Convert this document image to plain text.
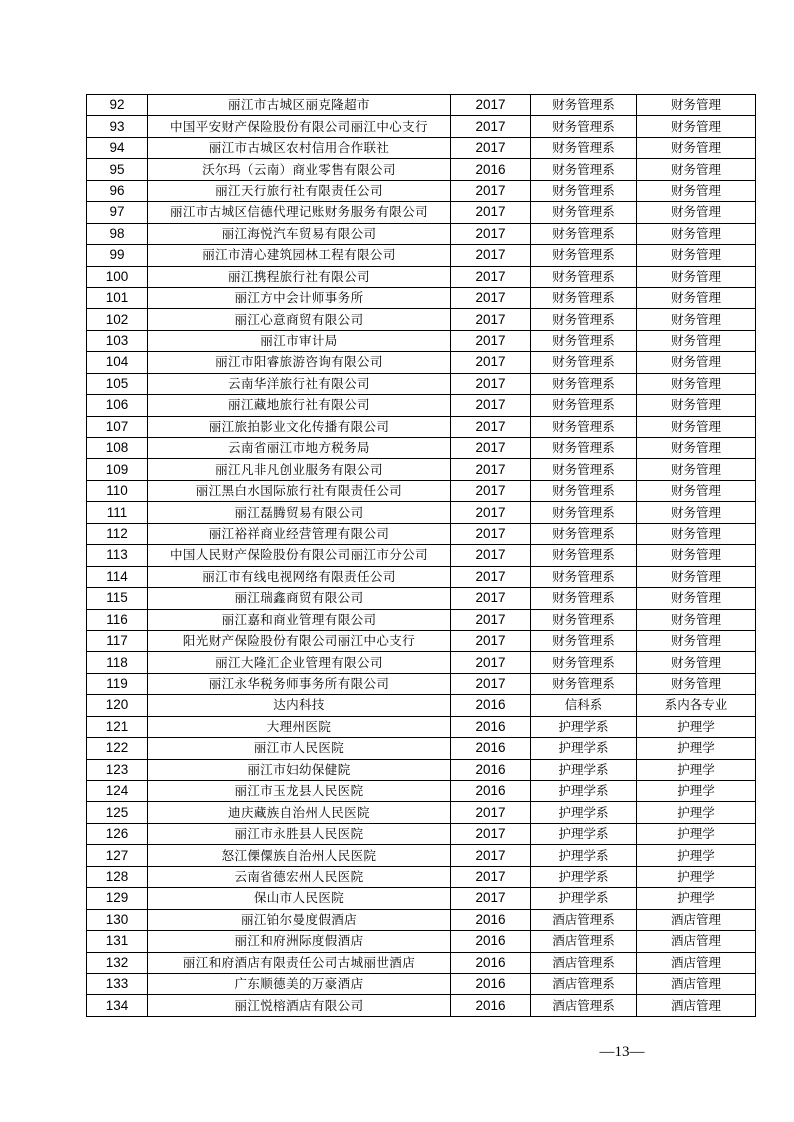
92	丽江市古城区丽克隆超市	2017	财务管理系	财务管理
93	中国平安财产保险股份有限公司丽江中心支行	2017	财务管理系	财务管理
94	丽江市古城区农村信用合作联社	2017	财务管理系	财务管理
95	沃尔玛（云南）商业零售有限公司	2016	财务管理系	财务管理
96	丽江天行旅行社有限责任公司	2017	财务管理系	财务管理
97	丽江市古城区信德代理记账财务服务有限公司	2017	财务管理系	财务管理
98	丽江海悦汽车贸易有限公司	2017	财务管理系	财务管理
99	丽江市清心建筑园林工程有限公司	2017	财务管理系	财务管理
100	丽江携程旅行社有限公司	2017	财务管理系	财务管理
101	丽江方中会计师事务所	2017	财务管理系	财务管理
102	丽江心意商贸有限公司	2017	财务管理系	财务管理
103	丽江市审计局	2017	财务管理系	财务管理
104	丽江市阳睿旅游咨询有限公司	2017	财务管理系	财务管理
105	云南华洋旅行社有限公司	2017	财务管理系	财务管理
106	丽江藏地旅行社有限公司	2017	财务管理系	财务管理
107	丽江旅拍影业文化传播有限公司	2017	财务管理系	财务管理
108	云南省丽江市地方税务局	2017	财务管理系	财务管理
109	丽江凡非凡创业服务有限公司	2017	财务管理系	财务管理
110	丽江黑白水国际旅行社有限责任公司	2017	财务管理系	财务管理
111	丽江磊腾贸易有限公司	2017	财务管理系	财务管理
112	丽江裕祥商业经营管理有限公司	2017	财务管理系	财务管理
113	中国人民财产保险股份有限公司丽江市分公司	2017	财务管理系	财务管理
114	丽江市有线电视网络有限责任公司	2017	财务管理系	财务管理
115	丽江瑞鑫商贸有限公司	2017	财务管理系	财务管理
116	丽江嘉和商业管理有限公司	2017	财务管理系	财务管理
117	阳光财产保险股份有限公司丽江中心支行	2017	财务管理系	财务管理
118	丽江大隆汇企业管理有限公司	2017	财务管理系	财务管理
119	丽江永华税务师事务所有限公司	2017	财务管理系	财务管理
120	达内科技	2016	信科系	系内各专业
121	大理州医院	2016	护理学系	护理学
122	丽江市人民医院	2016	护理学系	护理学
123	丽江市妇幼保健院	2016	护理学系	护理学
124	丽江市玉龙县人民医院	2016	护理学系	护理学
125	迪庆藏族自治州人民医院	2017	护理学系	护理学
126	丽江市永胜县人民医院	2017	护理学系	护理学
127	怒江傈僳族自治州人民医院	2017	护理学系	护理学
128	云南省德宏州人民医院	2017	护理学系	护理学
129	保山市人民医院	2017	护理学系	护理学
130	丽江铂尔曼度假酒店	2016	酒店管理系	酒店管理
131	丽江和府洲际度假酒店	2016	酒店管理系	酒店管理
132	丽江和府酒店有限责任公司古城丽世酒店	2016	酒店管理系	酒店管理
133	广东顺德美的万豪酒店	2016	酒店管理系	酒店管理
134	丽江悦榕酒店有限公司	2016	酒店管理系	酒店管理
—13—
